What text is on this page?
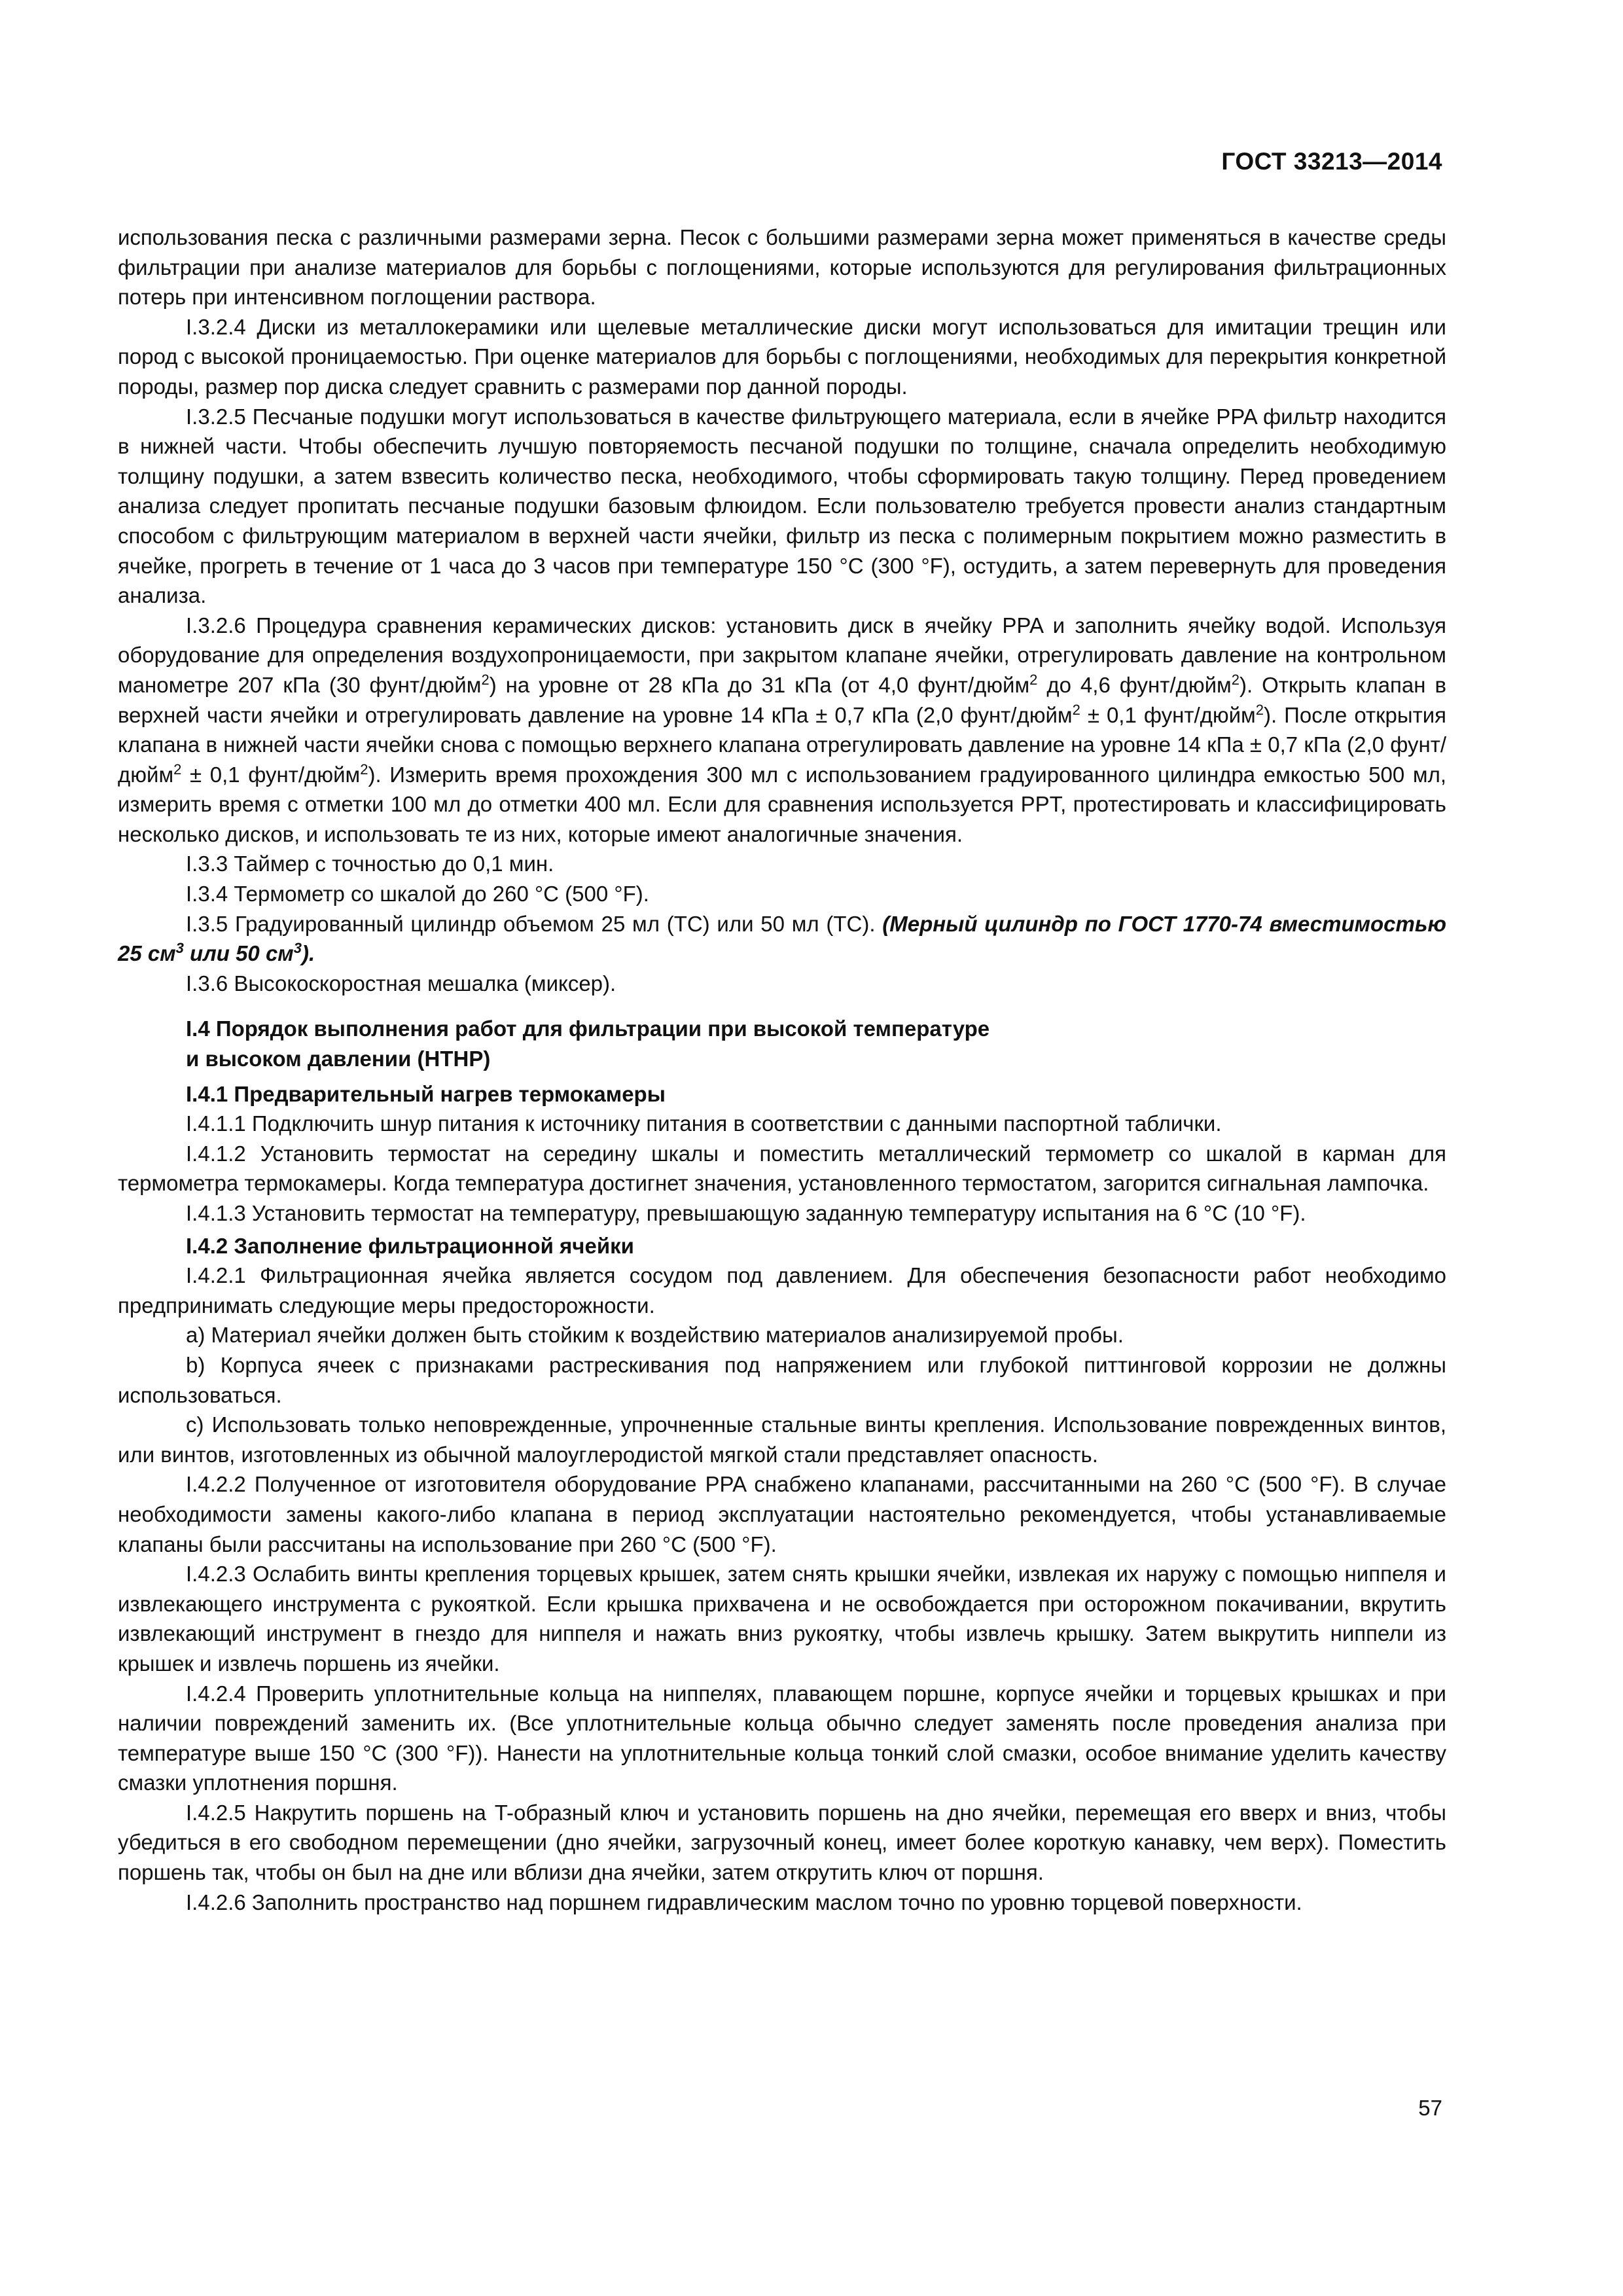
ГОСТ 33213—2014

использования песка с различными размерами зерна. Песок с большими размерами зерна может применяться в качестве среды фильтрации при анализе материалов для борьбы с поглощениями, которые используются для регулирования фильтрационных потерь при интенсивном поглощении раствора.

I.3.2.4 Диски из металлокерамики или щелевые металлические диски могут использоваться для имитации трещин или пород с высокой проницаемостью. При оценке материалов для борьбы с поглощениями, необходимых для перекрытия конкретной породы, размер пор диска следует сравнить с размерами пор данной породы.

I.3.2.5 Песчаные подушки могут использоваться в качестве фильтрующего материала, если в ячейке PPA фильтр находится в нижней части. Чтобы обеспечить лучшую повторяемость песчаной подушки по толщине, сначала определить необходимую толщину подушки, а затем взвесить количество песка, необходимого, чтобы сформировать такую толщину. Перед проведением анализа следует пропитать песчаные подушки базовым флюидом. Если пользователю требуется провести анализ стандартным способом с фильтрующим материалом в верхней части ячейки, фильтр из песка с полимерным покрытием можно разместить в ячейке, прогреть в течение от 1 часа до 3 часов при температуре 150 °C (300 °F), остудить, а затем перевернуть для проведения анализа.

I.3.2.6 Процедура сравнения керамических дисков: установить диск в ячейку PPA и заполнить ячейку водой. Используя оборудование для определения воздухопроницаемости, при закрытом клапане ячейки, отрегулировать давление на контрольном манометре 207 кПа (30 фунт/дюйм$^2$) на уровне от 28 кПа до 31 кПа (от 4,0 фунт/дюйм$^2$ до 4,6 фунт/дюйм$^2$). Открыть клапан в верхней части ячейки и отрегулировать давление на уровне 14 кПа ± 0,7 кПа (2,0 фунт/дюйм$^2$ ± 0,1 фунт/дюйм$^2$). После открытия клапана в нижней части ячейки снова с помощью верхнего клапана отрегулировать давление на уровне 14 кПа ± 0,7 кПа (2,0 фунт/дюйм$^2$ ± 0,1 фунт/дюйм$^2$). Измерить время прохождения 300 мл с использованием градуированного цилиндра емкостью 500 мл, измерить время с отметки 100 мл до отметки 400 мл. Если для сравнения используется PPT, протестировать и классифицировать несколько дисков, и использовать те из них, которые имеют аналогичные значения.

I.3.3 Таймер с точностью до 0,1 мин.

I.3.4 Термометр со шкалой до 260 °C (500 °F).

I.3.5 Градуированный цилиндр объемом 25 мл (TC) или 50 мл (TC). (Мерный цилиндр по ГОСТ 1770-74 вместимостью 25 $см^3$ или 50 $см^3$).

I.3.6 Высокоскоростная мешалка (миксер).

I.4 Порядок выполнения работ для фильтрации при высокой температуре
и высоком давлении (HTHP)
I.4.1 Предварительный нагрев термокамеры

I.4.1.1 Подключить шнур питания к источнику питания в соответствии с данными паспортной таблички.

I.4.1.2 Установить термостат на середину шкалы и поместить металлический термометр со шкалой в карман для термометра термокамеры. Когда температура достигнет значения, установленного термостатом, загорится сигнальная лампочка.

I.4.1.3 Установить термостат на температуру, превышающую заданную температуру испытания на 6 °C (10 °F).

I.4.2 Заполнение фильтрационной ячейки

I.4.2.1 Фильтрационная ячейка является сосудом под давлением. Для обеспечения безопасности работ необходимо предпринимать следующие меры предосторожности.

a) Материал ячейки должен быть стойким к воздействию материалов анализируемой пробы.

b) Корпуса ячеек с признаками растрескивания под напряжением или глубокой питтинговой коррозии не должны использоваться.

c) Использовать только неповрежденные, упрочненные стальные винты крепления. Использование поврежденных винтов, или винтов, изготовленных из обычной малоуглеродистой мягкой стали представляет опасность.

I.4.2.2 Полученное от изготовителя оборудование PPA снабжено клапанами, рассчитанными на 260 °C (500 °F). В случае необходимости замены какого-либо клапана в период эксплуатации настоятельно рекомендуется, чтобы устанавливаемые клапаны были рассчитаны на использование при 260 °C (500 °F).

I.4.2.3 Ослабить винты крепления торцевых крышек, затем снять крышки ячейки, извлекая их наружу с помощью ниппеля и извлекающего инструмента с рукояткой. Если крышка прихвачена и не освобождается при осторожном покачивании, вкрутить извлекающий инструмент в гнездо для ниппеля и нажать вниз рукоятку, чтобы извлечь крышку. Затем выкрутить ниппели из крышек и извлечь поршень из ячейки.

I.4.2.4 Проверить уплотнительные кольца на ниппелях, плавающем поршне, корпусе ячейки и торцевых крышках и при наличии повреждений заменить их. (Все уплотнительные кольца обычно следует заменять после проведения анализа при температуре выше 150 °C (300 °F)). Нанести на уплотнительные кольца тонкий слой смазки, особое внимание уделить качеству смазки уплотнения поршня.

I.4.2.5 Накрутить поршень на T-образный ключ и установить поршень на дно ячейки, перемещая его вверх и вниз, чтобы убедиться в его свободном перемещении (дно ячейки, загрузочный конец, имеет более короткую канавку, чем верх). Поместить поршень так, чтобы он был на дне или вблизи дна ячейки, затем открутить ключ от поршня.

I.4.2.6 Заполнить пространство над поршнем гидравлическим маслом точно по уровню торцевой поверхности.

57
